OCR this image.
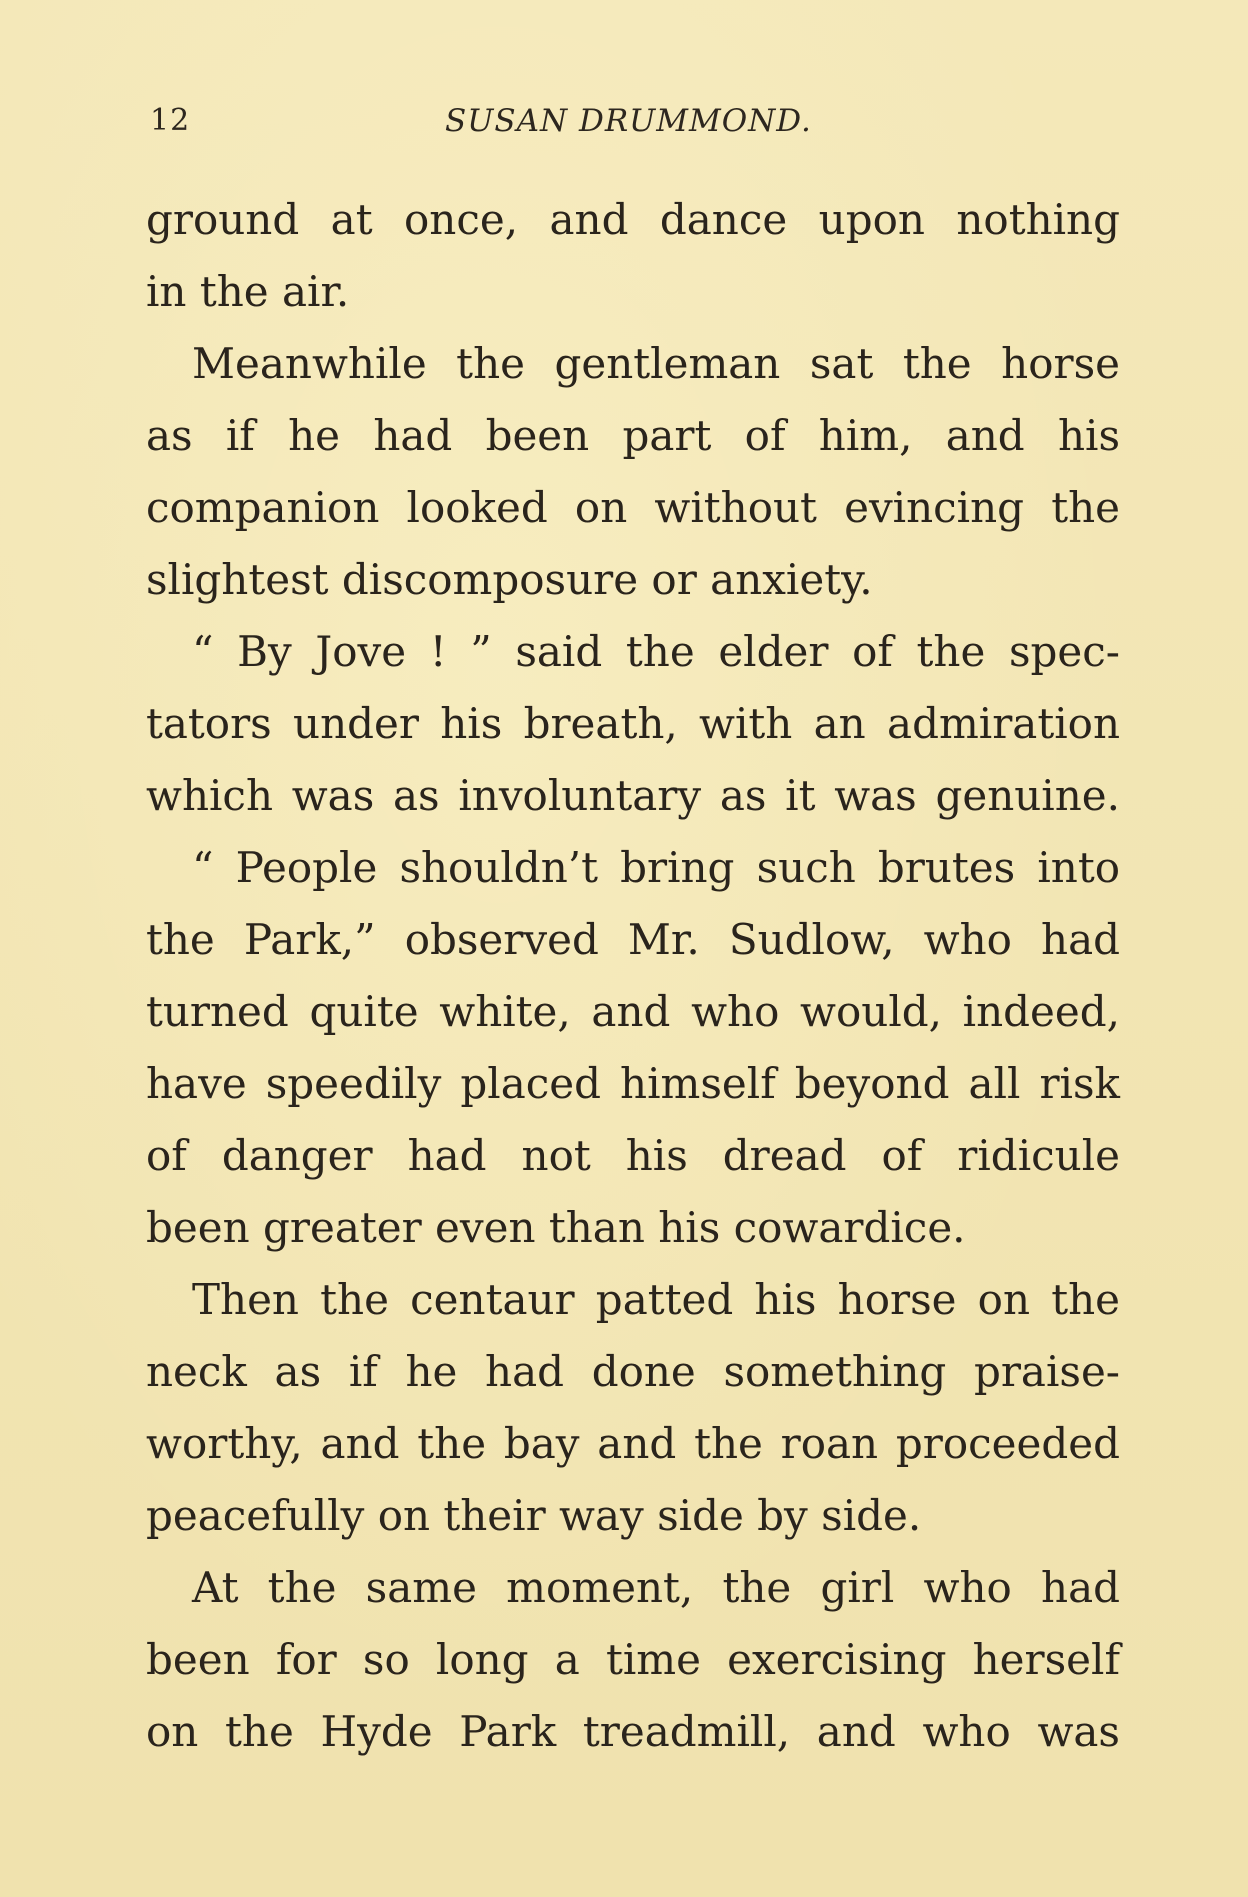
12	SUSAN DRUMMOND.
ground at once, and dance upon nothing
in the air.
Meanwhile the gentleman sat the horse
as if he had been part of him, and his
companion looked on without evincing the
slightest discomposure or anxiety.
“ By Jove ! ” said the elder of the spec-
tators under his breath, with an admiration
which was as involuntary as it was genuine.
“ People shouldn’t bring such brutes into
the Park,” observed Mr. Sudlow, who had
turned quite white, and who would, indeed,
have speedily placed himself beyond all risk
of danger had not his dread of ridicule
been greater even than his cowardice.
Then the centaur patted his horse on the
neck as if he had done something praise-
worthy, and the bay and the roan proceeded
peacefully on their way side by side.
At the same moment, the girl who had
been for so long a time exercising herself
on the Hyde Park treadmill, and who was
